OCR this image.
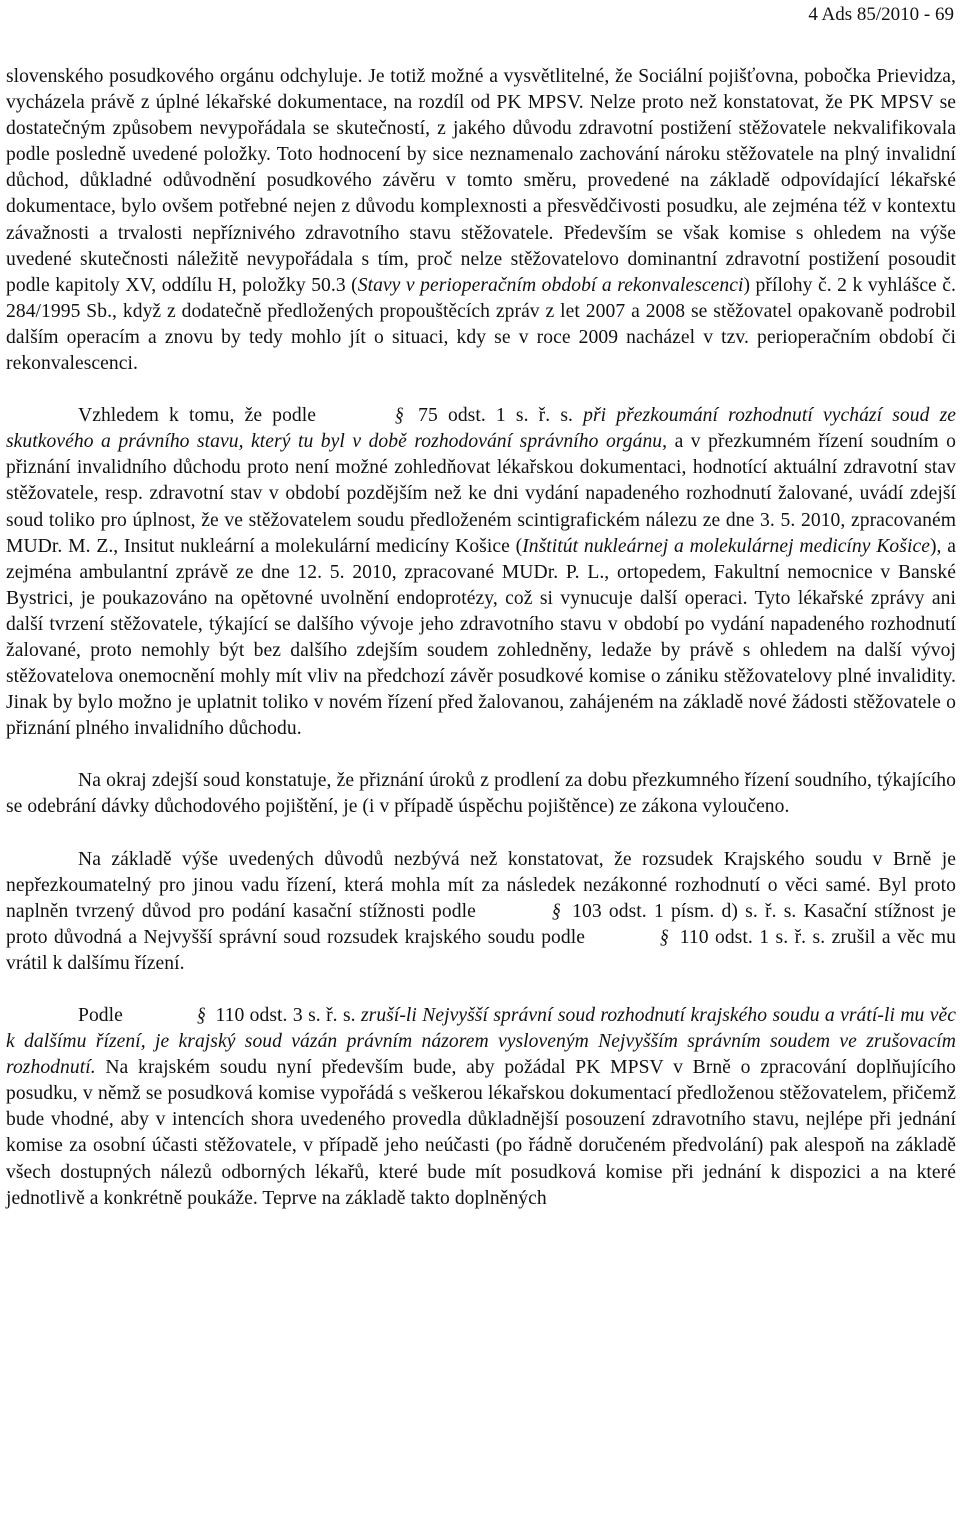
4 Ads 85/2010 - 69

slovenského posudkového orgánu odchyluje. Je totiž možné a vysvětlitelné, že Sociální pojišťovna, pobočka Prievidza, vycházela právě z úplné lékařské dokumentace, na rozdíl od PK MPSV. Nelze proto než konstatovat, že PK MPSV se dostatečným způsobem nevypořádala se skutečností, z jakého důvodu zdravotní postižení stěžovatele nekvalifikovala podle posledně uvedené položky. Toto hodnocení by sice neznamenalo zachování nároku stěžovatele na plný invalidní důchod, důkladné odůvodnění posudkového závěru v tomto směru, provedené na základě odpovídající lékařské dokumentace, bylo ovšem potřebné nejen z důvodu komplexnosti a přesvědčivosti posudku, ale zejména též v kontextu závažnosti a trvalosti nepříznivého zdravotního stavu stěžovatele. Především se však komise s ohledem na výše uvedené skutečnosti náležitě nevypořádala s tím, proč nelze stěžovatelovo dominantní zdravotní postižení posoudit podle kapitoly XV, oddílu H, položky 50.3 (Stavy v perioperačním období a rekonvalescenci) přílohy č. 2 k vyhlášce č. 284/1995 Sb., když z dodatečně předložených propouštěcích zpráv z let 2007 a 2008 se stěžovatel opakovaně podrobil dalším operacím a znovu by tedy mohlo jít o situaci, kdy se v roce 2009 nacházel v tzv. perioperačním období či rekonvalescenci.

Vzhledem k tomu, že podle	§ 75 odst. 1 s. ř. s. při přezkoumání rozhodnutí vychází soud ze skutkového a právního stavu, který tu byl v době rozhodování správního orgánu, a v přezkumném řízení soudním o přiznání invalidního důchodu proto není možné zohledňovat lékařskou dokumentaci, hodnotící aktuální zdravotní stav stěžovatele, resp. zdravotní stav v období pozdějším než ke dni vydání napadeného rozhodnutí žalované, uvádí zdejší soud toliko pro úplnost, že ve stěžovatelem soudu předloženém scintigrafickém nálezu ze dne 3. 5. 2010, zpracovaném MUDr. M. Z., Insitut nukleární a molekulární medicíny Košice (Inštitút nukleárnej a molekulárnej medicíny Košice), a zejména ambulantní zprávě ze dne 12. 5. 2010, zpracované MUDr. P. L., ortopedem, Fakultní nemocnice v Banské Bystrici, je poukazováno na opětovné uvolnění endoprotézy, což si vynucuje další operaci. Tyto lékařské zprávy ani další tvrzení stěžovatele, týkající se dalšího vývoje jeho zdravotního stavu v období po vydání napadeného rozhodnutí žalované, proto nemohly být bez dalšího zdejším soudem zohledněny, ledaže by právě s ohledem na další vývoj stěžovatelova onemocnění mohly mít vliv na předchozí závěr posudkové komise o zániku stěžovatelovy plné invalidity. Jinak by bylo možno je uplatnit toliko v novém řízení před žalovanou, zahájeném na základě nové žádosti stěžovatele o přiznání plného invalidního důchodu.

Na okraj zdejší soud konstatuje, že přiznání úroků z prodlení za dobu přezkumného řízení soudního, týkajícího se odebrání dávky důchodového pojištění, je (i v případě úspěchu pojištěnce) ze zákona vyloučeno.

Na základě výše uvedených důvodů nezbývá než konstatovat, že rozsudek Krajského soudu v Brně je nepřezkoumatelný pro jinou vadu řízení, která mohla mít za následek nezákonné rozhodnutí o věci samé. Byl proto naplněn tvrzený důvod pro podání kasační stížnosti podle	§ 103 odst. 1 písm. d) s. ř. s. Kasační stížnost je proto důvodná a Nejvyšší správní soud rozsudek krajského soudu podle	§ 110 odst. 1 s. ř. s. zrušil a věc mu vrátil k dalšímu řízení.

Podle	§ 110 odst. 3 s. ř. s. zruší-li Nejvyšší správní soud rozhodnutí krajského soudu a vrátí-li mu věc k dalšímu řízení, je krajský soud vázán právním názorem vysloveným Nejvyšším správním soudem ve zrušovacím rozhodnutí. Na krajském soudu nyní především bude, aby požádal PK MPSV v Brně o zpracování doplňujícího posudku, v němž se posudková komise vypořádá s veškerou lékařskou dokumentací předloženou stěžovatelem, přičemž bude vhodné, aby v intencích shora uvedeného provedla důkladnější posouzení zdravotního stavu, nejlépe při jednání komise za osobní účasti stěžovatele, v případě jeho neúčasti (po řádně doručeném předvolání) pak alespoň na základě všech dostupných nálezů odborných lékařů, které bude mít posudková komise při jednání k dispozici a na které jednotlivě a konkrétně poukáže. Teprve na základě takto doplněných
